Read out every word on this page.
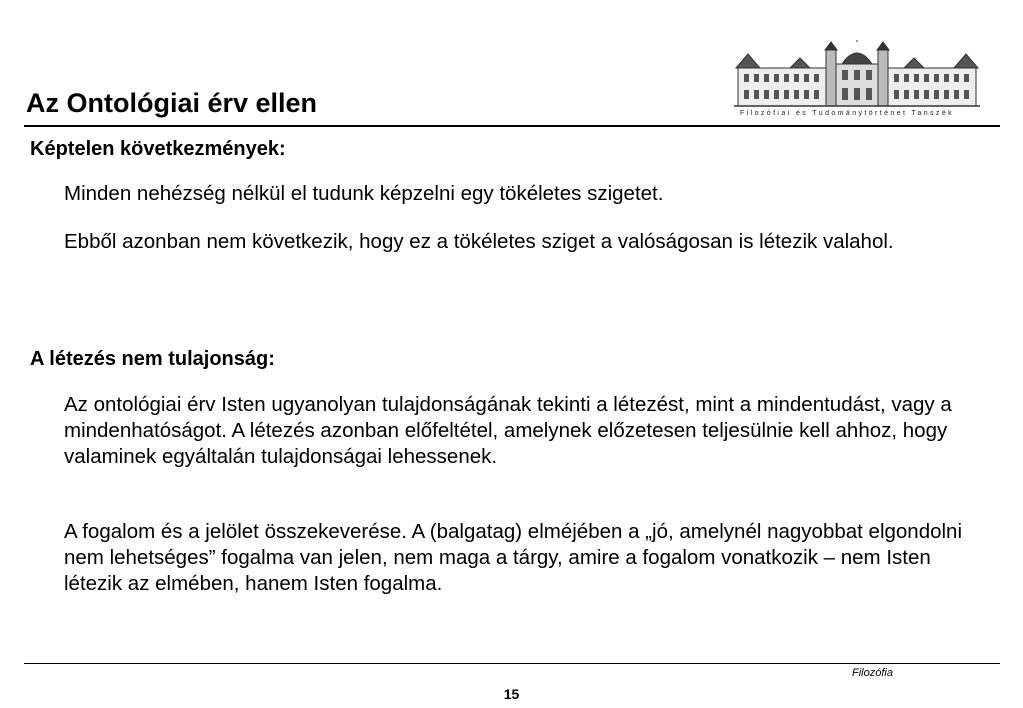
Az Ontológiai érv ellen	Filozófiai és Tudománytörténet Tanszék
Képtelen következmények:

Minden nehézség nélkül el tudunk képzelni egy tökéletes szigetet.

Ebből azonban nem következik, hogy ez a tökéletes sziget a valóságosan is létezik valahol.

A létezés nem tulajonság:

Az ontológiai érv Isten ugyanolyan tulajdonságának tekinti a létezést, mint a mindentudást, vagy a mindenhatóságot. A létezés azonban előfeltétel, amelynek előzetesen teljesülnie kell ahhoz, hogy valaminek egyáltalán tulajdonságai lehessenek.

A fogalom és a jelölet összekeverése. A (balgatag) elméjében a „jó, amelynél nagyobbat elgondolni nem lehetséges” fogalma van jelen, nem maga a tárgy, amire a fogalom vonatkozik – nem Isten létezik az elmében, hanem Isten fogalma.

Filozófia
15
